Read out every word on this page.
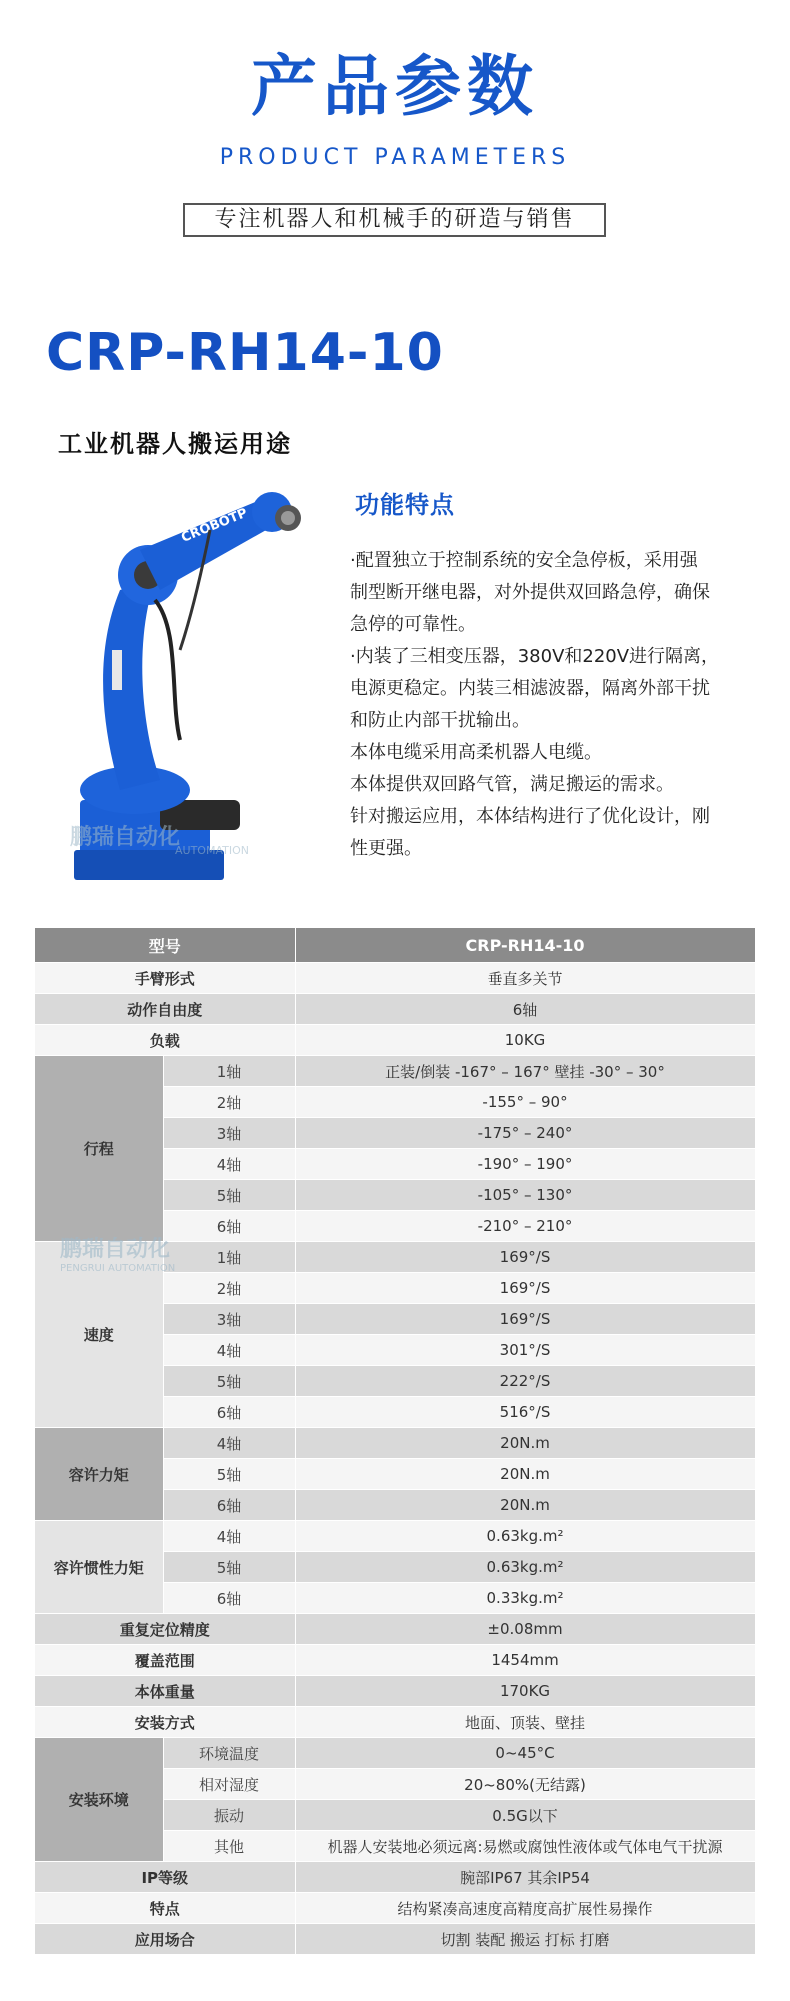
产品参数
PRODUCT PARAMETERS
专注机器人和机械手的研造与销售
CRP-RH14-10
工业机器人搬运用途
CROBOTP
鹏瑞自动化
AUTOMATION
功能特点
·配置独立于控制系统的安全急停板，采用强
制型断开继电器，对外提供双回路急停，确保
急停的可靠性。
·内装了三相变压器，380V和220V进行隔离，
电源更稳定。内装三相滤波器，隔离外部干扰
和防止内部干扰输出。
本体电缆采用高柔机器人电缆。
本体提供双回路气管，满足搬运的需求。
针对搬运应用，本体结构进行了优化设计，刚
性更强。
型号		CRP-RH14-10
手臂形式		垂直多关节
动作自由度		6轴
负载		10KG
行程	1轴	正装/倒装 -167° – 167° 壁挂 -30° – 30°
	2轴	-155° – 90°
	3轴	-175° – 240°
	4轴	-190° – 190°
	5轴	-105° – 130°
	6轴	-210° – 210°
速度	1轴	169°/S
	2轴	169°/S
	3轴	169°/S
	4轴	301°/S
	5轴	222°/S
	6轴	516°/S
容许力矩	4轴	20N.m
	5轴	20N.m
	6轴	20N.m
容许惯性力矩	4轴	0.63kg.m²
	5轴	0.63kg.m²
	6轴	0.33kg.m²
重复定位精度		±0.08mm
覆盖范围		1454mm
本体重量		170KG
安装方式		地面、顶装、壁挂
安装环境	环境温度	0~45°C
	相对湿度	20~80%(无结露)
	振动	0.5G以下
	其他	机器人安装地必须远离:易燃或腐蚀性液体或气体电气干扰源
IP等级		腕部IP67 其余IP54
特点		结构紧凑高速度高精度高扩展性易操作
应用场合		切割 装配 搬运 打标 打磨
鹏瑞自动化
PENGRUI AUTOMATION
